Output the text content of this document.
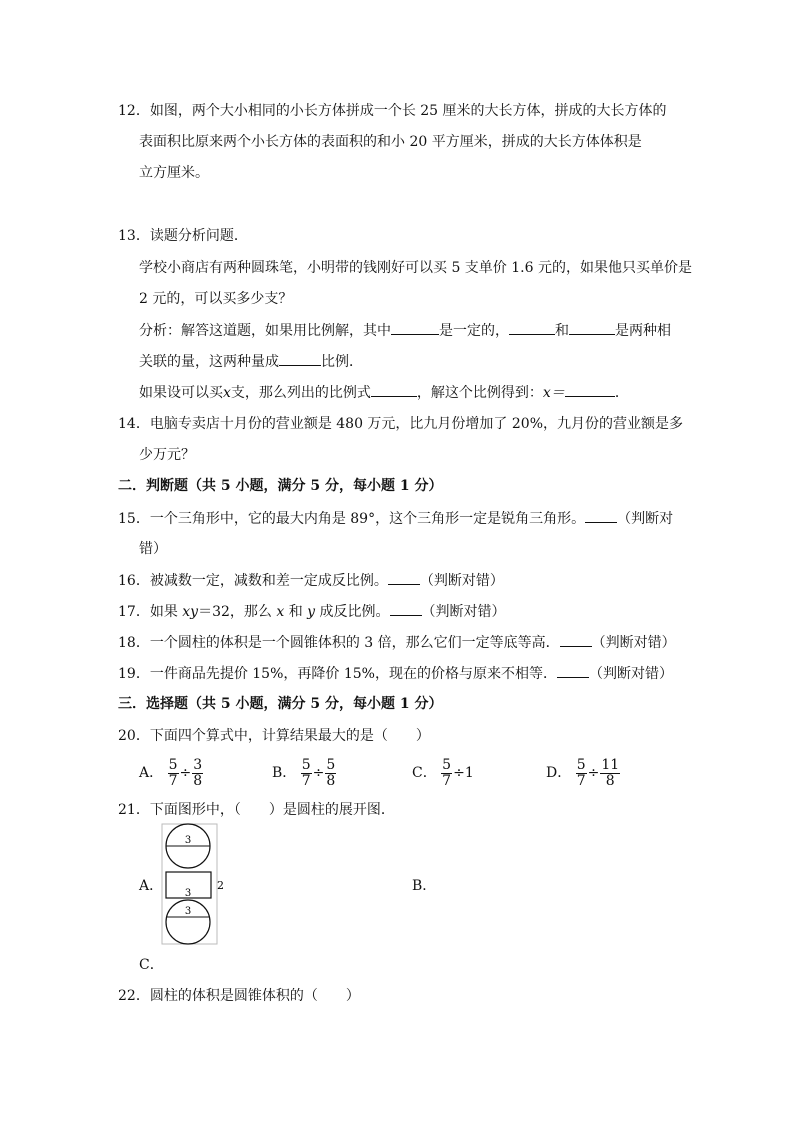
12．如图，两个大小相同的小长方体拼成一个长 25 厘米的大长方体，拼成的大长方体的
表面积比原来两个小长方体的表面积的和小 20 平方厘米，拼成的大长方体体积是
立方厘米。
13．读题分析问题．
学校小商店有两种圆珠笔，小明带的钱刚好可以买 5 支单价 1.6 元的，如果他只买单价是
2 元的，可以买多少支？
分析：解答这道题，如果用比例解，其中	是一定的，	和	是两种相
关联的量，这两种量成	比例．
如果设可以买x支，那么列出的比例式	，解这个比例得到：x＝	．
14．电脑专卖店十月份的营业额是 480 万元，比九月份增加了 20%，九月份的营业额是多
少万元？
二．判断题（共 5 小题，满分 5 分，每小题 1 分）
15．一个三角形中，它的最大内角是 89°，这个三角形一定是锐角三角形。 （判断对
错）
16．被减数一定，减数和差一定成反比例。 （判断对错）
17．如果 xy＝32，那么 x 和 y 成反比例。 （判断对错）
18．一个圆柱的体积是一个圆锥体积的 3 倍，那么它们一定等底等高． （判断对错）
19．一件商品先提价 15%，再降价 15%，现在的价格与原来不相等． （判断对错）
三．选择题（共 5 小题，满分 5 分，每小题 1 分）
20．下面四个算式中，计算结果最大的是（　　）
A． $\frac{5}{7} \div \frac{3}{8}$	B． $\frac{5}{7} \div \frac{5}{8}$	C． $\frac{5}{7} \div 1$	D． $\frac{5}{7} \div \frac{11}{8}$
21．下面图形中，（　　）是圆柱的展开图．
A．
3
3
2
3
B．
C．
22．圆柱的体积是圆锥体积的（　　）
